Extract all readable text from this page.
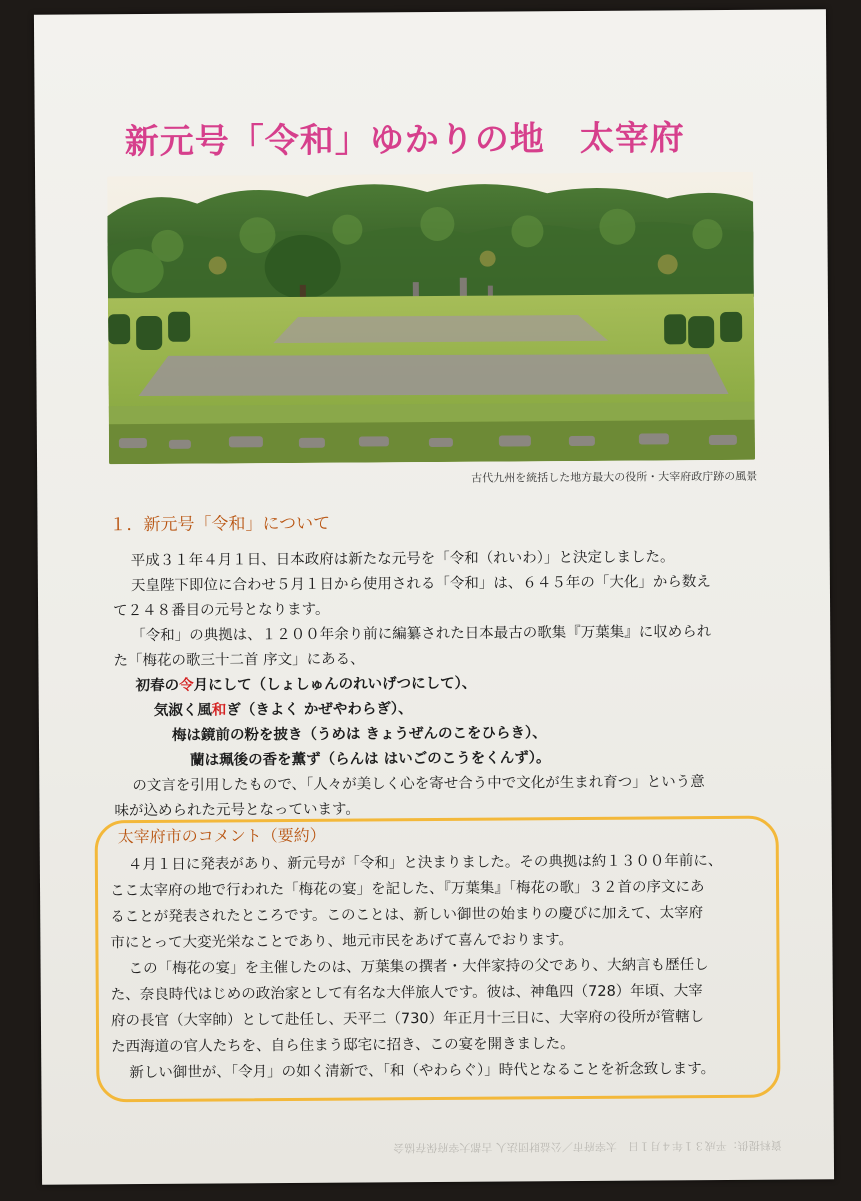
新元号「令和」ゆかりの地　太宰府
古代九州を統括した地方最大の役所・大宰府政庁跡の風景
１．新元号「令和」について

平成３１年４月１日、日本政府は新たな元号を「令和（れいわ）」と決定しました。

天皇陛下即位に合わせ５月１日から使用される「令和」は、６４５年の「大化」から数え

て２４８番目の元号となります。

「令和」の典拠は、１２００年余り前に編纂された日本最古の歌集『万葉集』に収められ

た「梅花の歌三十二首 序文」にある、

初春の令月にして（しょしゅんのれいげつにして）、

気淑く風和ぎ（きよく かぜやわらぎ）、

梅は鏡前の粉を披き（うめは きょうぜんのこをひらき）、

蘭は珮後の香を薫ず（らんは はいごのこうをくんず）。

の文言を引用したもので、「人々が美しく心を寄せ合う中で文化が生まれ育つ」という意

味が込められた元号となっています。

太宰府市のコメント（要約）

４月１日に発表があり、新元号が「令和」と決まりました。その典拠は約１３００年前に、

ここ太宰府の地で行われた「梅花の宴」を記した、『万葉集』「梅花の歌」３２首の序文にあ

ることが発表されたところです。このことは、新しい御世の始まりの慶びに加えて、太宰府

市にとって大変光栄なことであり、地元市民をあげて喜んでおります。

この「梅花の宴」を主催したのは、万葉集の撰者・大伴家持の父であり、大納言も歴任し

た、奈良時代はじめの政治家として有名な大伴旅人です。彼は、神亀四（728）年頃、大宰

府の長官（大宰帥）として赴任し、天平二（730）年正月十三日に、大宰府の役所が管轄し

た西海道の官人たちを、自ら住まう邸宅に招き、この宴を開きました。

新しい御世が、「令月」の如く清新で、「和（やわらぐ）」時代となることを祈念致します。

資料提供：平成３１年４月１日　太宰府市／公益財団法人 古都大宰府保存協会
